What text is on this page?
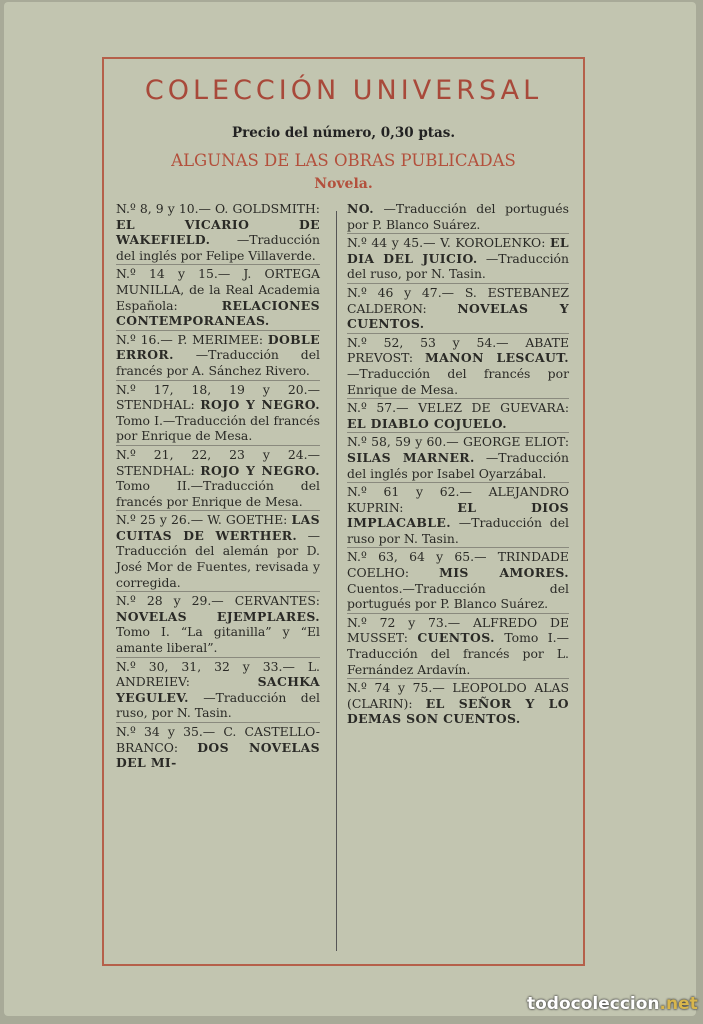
COLECCIÓN UNIVERSAL
Precio del número, 0,30 ptas.
ALGUNAS DE LAS OBRAS PUBLICADAS
Novela.
N.º 8, 9 y 10.— O. GOLDSMITH: EL VICARIO DE WAKEFIELD. —Traducción del inglés por Felipe Villaverde.
N.º 14 y 15.— J. ORTEGA MUNILLA, de la Real Academia Española:	RELACIONES CONTEMPORANEAS.
N.º 16.— P. MERIMEE: DOBLE ERROR. —Traducción del francés por A. Sánchez Rivero.
N.º 17, 18, 19 y 20.— STENDHAL: ROJO Y NEGRO. Tomo I.—Traducción del francés por Enrique de Mesa.
N.º 21, 22, 23 y 24.— STENDHAL: ROJO Y NEGRO. Tomo II.—Traducción del francés por Enrique de Mesa.
N.º 25 y 26.— W. GOETHE: LAS CUITAS DE WERTHER. —Traducción del alemán por D. José Mor de Fuentes, revisada y corregida.
N.º 28 y 29.— CERVANTES: NOVELAS EJEMPLARES. Tomo I. “La gitanilla” y “El amante liberal”.
N.º 30, 31, 32 y 33.— L. ANDREIEV:	SACHKA YEGULEV. —Traducción del ruso, por N. Tasin.
N.º 34 y 35.— C. CASTELLO-BRANCO: DOS NOVELAS DEL MI-
NO. —Traducción del portugués por P. Blanco Suárez.
N.º 44 y 45.— V. KOROLENKO: EL DIA DEL JUICIO. —Traducción del ruso, por N. Tasin.
N.º 46 y 47.— S. ESTEBANEZ CALDERON: NOVELAS Y CUENTOS.
N.º 52, 53 y 54.— ABATE PREVOST: MANON LESCAUT. —Traducción del francés por Enrique de Mesa.
N.º 57.— VELEZ DE GUEVARA: EL DIABLO COJUELO.
N.º 58, 59 y 60.— GEORGE ELIOT: SILAS MARNER. —Traducción del inglés por Isabel Oyarzábal.
N.º 61 y 62.— ALEJANDRO KUPRIN:	EL DIOS IMPLACABLE. —Traducción del ruso por N. Tasin.
N.º 63, 64 y 65.— TRINDADE COELHO: MIS AMORES. Cuentos.—Traducción del portugués por P. Blanco Suárez.
N.º 72 y 73.— ALFREDO DE MUSSET: CUENTOS. Tomo I.—Traducción del francés por L. Fernández Ardavín.
N.º 74 y 75.— LEOPOLDO ALAS (CLARIN): EL SEÑOR Y LO DEMAS SON CUENTOS.
todocoleccion.net
